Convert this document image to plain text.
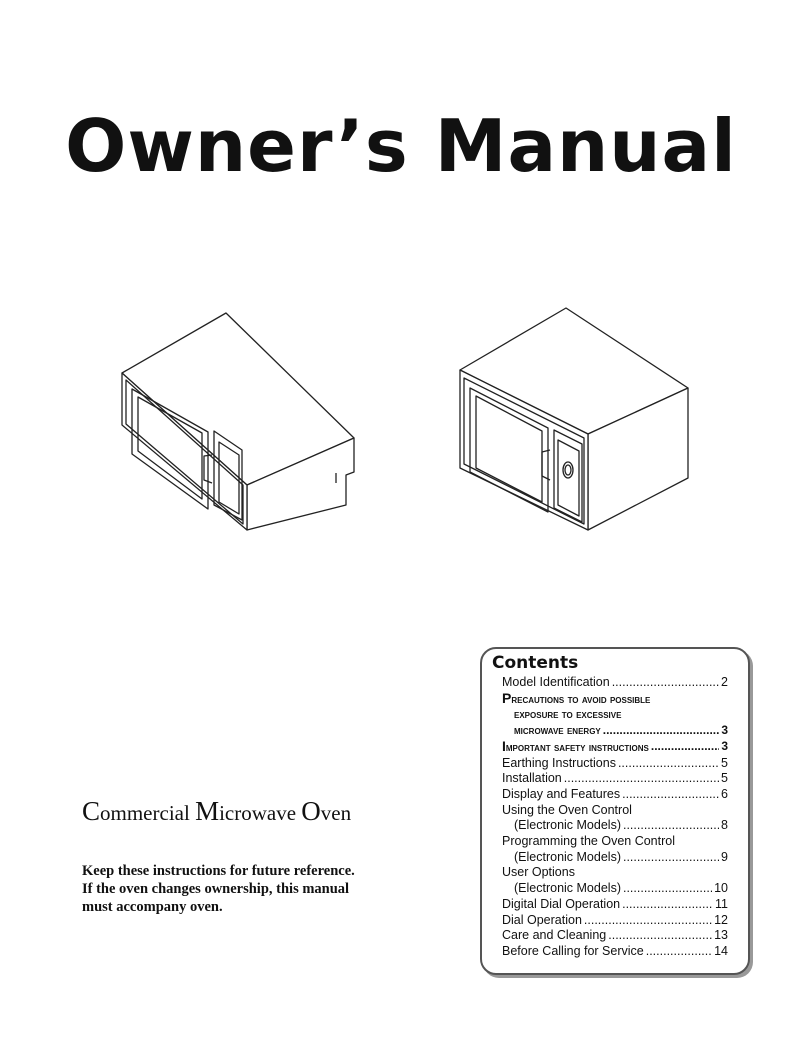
Owner’s Manual
Commercial Microwave Oven
Keep these instructions for future reference.
If the oven changes ownership, this manual
must accompany oven.
Contents
Model Identification .....	2
Precautions to avoid possible
exposure to excessive
microwave energy .....	3
Important safety instructions .....	3
Earthing Instructions .....	5
Installation .....	5
Display and Features .....	6
Using the Oven Control
(Electronic Models) .....	8
Programming the Oven Control
(Electronic Models) .....	9
User Options
(Electronic Models) .....	10
Digital Dial Operation .....	11
Dial Operation .....	12
Care and Cleaning .....	13
Before Calling for Service .....	14
